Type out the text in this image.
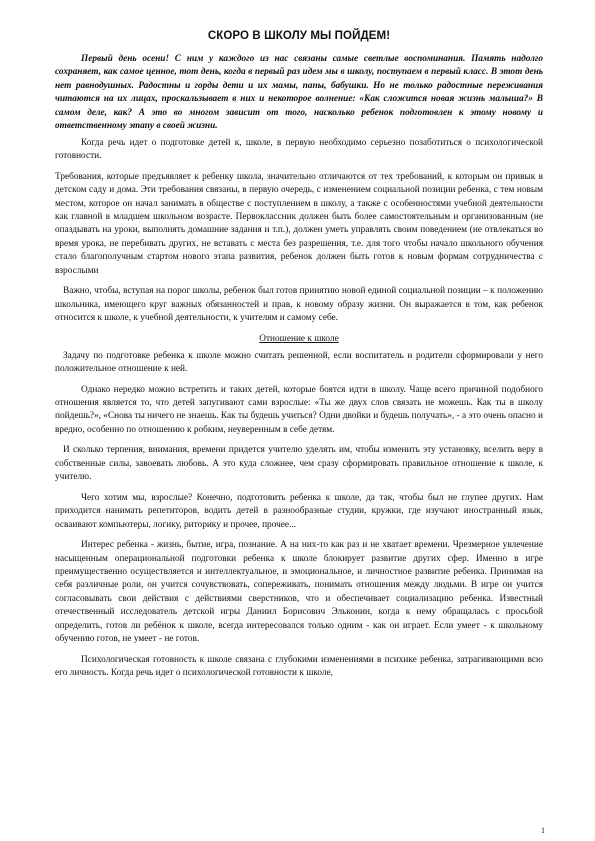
СКОРО В ШКОЛУ МЫ ПОЙДЕМ!

Первый день осени! С ним у каждого из нас связаны самые светлые воспоминания. Память надолго сохраняет, как самое ценное, тот день, когда в первый раз идем мы в школу, поступаем в первый класс. В этот день нет равнодушных. Радостны и горды дети и их мамы, папы, бабушки. Но не только радостные переживания читаются на их лицах, проскальзывает в них и некоторое волнение: «Как сложится новая жизнь малыша?» В самом деле, как? А это во многом зависит от того, насколько ребенок подготовлен к этому новому и ответственному этапу в своей жизни.

Когда речь идет о подготовке детей к, школе, в первую необходимо серьезно позаботиться о психологической готовности.

Требования, которые предъявляет к ребенку школа, значительно отличаются от тех требований, к которым он привык в детском саду и дома. Эти требования связаны, в первую очередь, с изменением социальной позиции ребенка, с тем новым местом, которое он начал занимать в обществе с поступлением в школу, а также с особенностями учебной деятельности как главной в младшем школьном возрасте. Первоклассник должен быть более самостоятельным и организованным (не опаздывать на уроки, выполнять домашние задания и т.п.), должен уметь управлять своим поведением (не отвлекаться во время урока, не перебивать других, не вставать с места без разрешения, т.е. для того чтобы начало школьного обучения стало благополучным стартом нового этапа развития, ребенок должен быть готов к новым формам сотрудничества с взрослыми

Важно, чтобы, вступая на порог школы, ребенок был готов принятию новой единой социальной позиции – к положению школьника, имеющего круг важных обязанностей и прав, к новому образу жизни. Он выражается в том, как ребенок относится к школе, к учебной деятельности, к учителям и самому себе.

Отношение к школе

Задачу по подготовке ребенка к школе можно считать решенной, если воспитатель и родители сформировали у него положительное отношение к ней.

Однако нередко можно встретить и таких детей, которые боятся идти в школу. Чаще всего причиной подобного отношения является то, что детей запугивают сами взрослые: «Ты же двух слов связать не можешь. Как ты в школу пойдешь?», «Снова ты ничего не знаешь. Как ты будешь учиться? Одни двойки и будешь получать», - а это очень опасно и вредно, особенно по отношению к робким, неуверенным в себе детям.

И сколько терпения, внимания, времени придется учителю уделять им, чтобы изменить эту установку, вселить веру в собственные силы, завоевать любовь. А это куда сложнее, чем сразу сформировать правильное отношение к школе, к учителю.

Чего хотим мы, взрослые? Конечно, подготовить ребенка к школе, да так, чтобы был не глупее других. Нам приходится нанимать репетиторов, водить детей в разнообразные студии, кружки, где изучают иностранный язык, осваивают компьютеры, логику, риторику и прочее, прочее...

Интерес ребенка - жизнь, бытие, игра, познание. А на них-то как раз и не хватает времени. Чрезмерное увлечение насыщенным операциональной подготовки ребенка к школе блокирует развитие других сфер. Именно в игре преимущественно осуществляется и интеллектуальное, и эмоциональное, и личностное развитие ребенка. Принимая на себя различные роли, он учится сочувствовать, сопереживать, понимать отношения между людьми. В игре он учится согласовывать свои действия с действиями сверстников, что и обеспечивает социализацию ребенка. Известный отечественный исследователь детской игры Даниил Борисович Эльконин, когда к нему обращалась с просьбой определить, готов ли ребёнок к школе, всегда интересовался только одним - как он играет. Если умеет - к школьному обучению готов, не умеет - не готов.

Психологическая готовность к школе связана с глубокими изменениями в психике ребенка, затрагивающими всю его личность. Когда речь идет о психологической готовности к школе,

1
